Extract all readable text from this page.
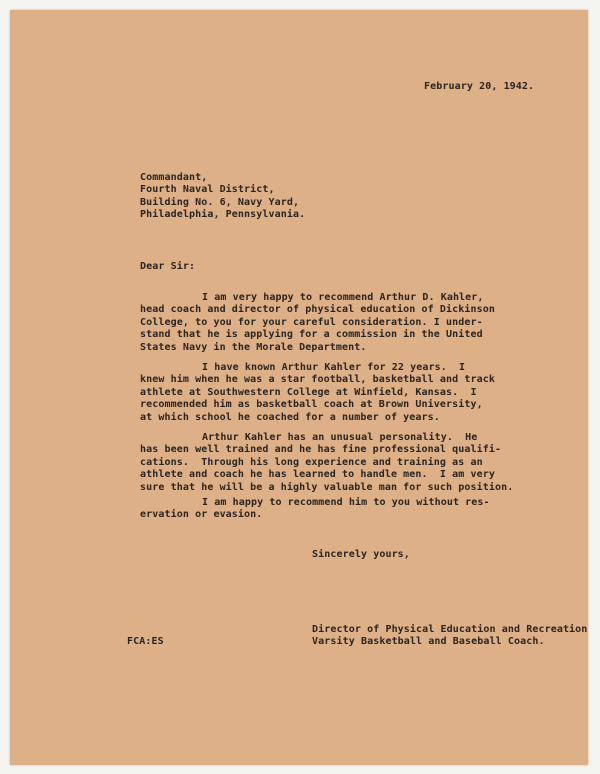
February 20, 1942.
Commandant,
Fourth Naval District,
Building No. 6, Navy Yard,
Philadelphia, Pennsylvania.
Dear Sir:
I am very happy to recommend Arthur D. Kahler,
head coach and director of physical education of Dickinson
College, to you for your careful consideration. I under-
stand that he is applying for a commission in the United
States Navy in the Morale Department.
I have known Arthur Kahler for 22 years.  I
knew him when he was a star football, basketball and track
athlete at Southwestern College at Winfield, Kansas.  I
recommended him as basketball coach at Brown University,
at which school he coached for a number of years.
Arthur Kahler has an unusual personality.  He
has been well trained and he has fine professional qualifi-
cations.  Through his long experience and training as an
athlete and coach he has learned to handle men.  I am very
sure that he will be a highly valuable man for such position.
I am happy to recommend him to you without res-
ervation or evasion.
Sincerely yours,
FCA:ES
Director of Physical Education and Recreation
Varsity Basketball and Baseball Coach.
